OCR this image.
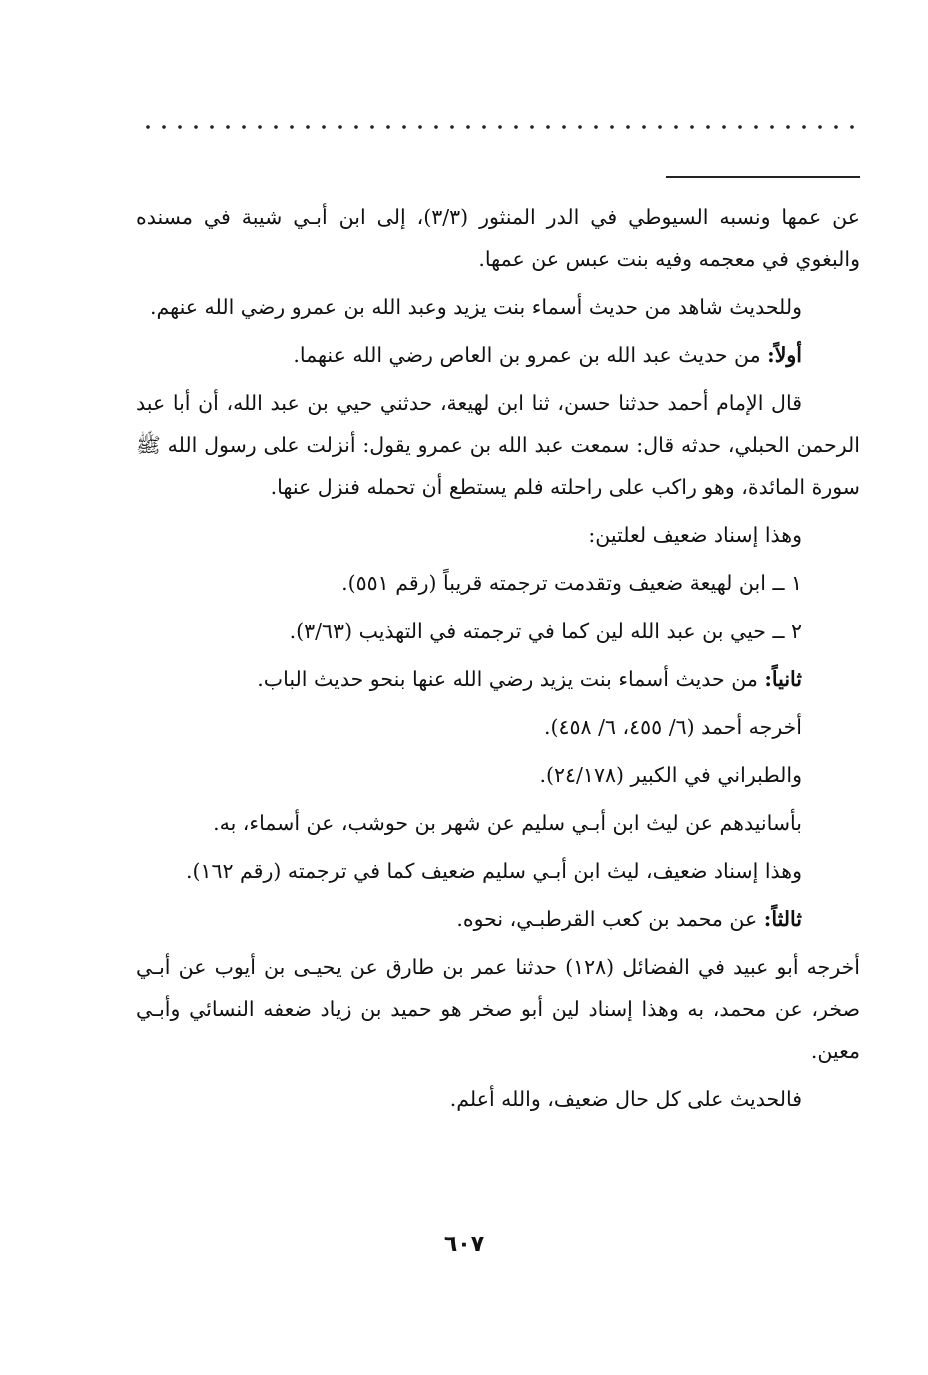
عن عمها ونسبه السيوطي في الدر المنثور (٣/٣)، إلى ابن أبـي شيبة في مسنده والبغوي في معجمه وفيه بنت عبس عن عمها.

وللحديث شاهد من حديث أسماء بنت يزيد وعبد الله بن عمرو رضي الله عنهم.

أولاً: من حديث عبد الله بن عمرو بن العاص رضي الله عنهما.

قال الإمام أحمد حدثنا حسن، ثنا ابن لهيعة، حدثني حيي بن عبد الله، أن أبا عبد الرحمن الحبلي، حدثه قال: سمعت عبد الله بن عمرو يقول: أنزلت على رسول الله ﷺ سورة المائدة، وهو راكب على راحلته فلم يستطع أن تحمله فنزل عنها.

وهذا إسناد ضعيف لعلتين:

١ ــ ابن لهيعة ضعيف وتقدمت ترجمته قريباً (رقم ٥٥١).

٢ ــ حيي بن عبد الله لين كما في ترجمته في التهذيب (٣/٦٣).

ثانياً: من حديث أسماء بنت يزيد رضي الله عنها بنحو حديث الباب.

أخرجه أحمد (٦/ ٤٥٥، ٦/ ٤٥٨).

والطبراني في الكبير (٢٤/١٧٨).

بأسانيدهم عن ليث ابن أبـي سليم عن شهر بن حوشب، عن أسماء، به.

وهذا إسناد ضعيف، ليث ابن أبـي سليم ضعيف كما في ترجمته (رقم ١٦٢).

ثالثاً: عن محمد بن كعب القرطبـي، نحوه.

أخرجه أبو عبيد في الفضائل (١٢٨) حدثنا عمر بن طارق عن يحيـى بن أيوب عن أبـي صخر، عن محمد، به وهذا إسناد لين أبو صخر هو حميد بن زياد ضعفه النسائي وأبـي معين.

فالحديث على كل حال ضعيف، والله أعلم.

٦٠٧
